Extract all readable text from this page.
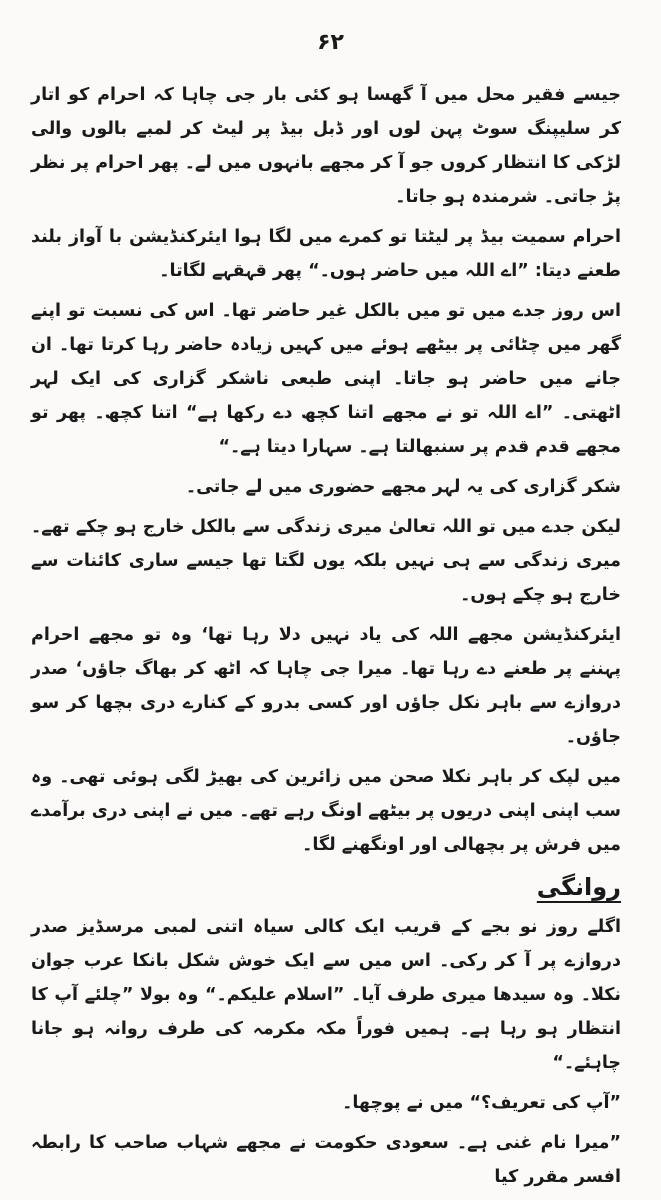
۶۲

جیسے فقیر محل میں آ گھسا ہو کئی بار جی چاہا کہ احرام کو اتار کر سلیپنگ سوٹ پہن لوں اور ڈبل بیڈ پر لیٹ کر لمبے بالوں والی لڑکی کا انتظار کروں جو آ کر مجھے بانہوں میں لے۔ پھر احرام پر نظر پڑ جاتی۔ شرمندہ ہو جاتا۔

احرام سمیت بیڈ پر لیٹتا تو کمرے میں لگا ہوا ایئرکنڈیشن با آواز بلند طعنے دیتا: ”اے اللہ میں حاضر ہوں۔“ پھر قہقہے لگاتا۔

اس روز جدے میں تو میں بالکل غیر حاضر تھا۔ اس کی نسبت تو اپنے گھر میں چٹائی پر بیٹھے ہوئے میں کہیں زیادہ حاضر رہا کرتا تھا۔ ان جانے میں حاضر ہو جاتا۔ اپنی طبعی ناشکر گزاری کی ایک لہر اٹھتی۔ ”اے اللہ تو نے مجھے اتنا کچھ دے رکھا ہے“ اتنا کچھ۔ پھر تو مجھے قدم قدم پر سنبھالتا ہے۔ سہارا دیتا ہے۔“

شکر گزاری کی یہ لہر مجھے حضوری میں لے جاتی۔

لیکن جدے میں تو اللہ تعالیٰ میری زندگی سے بالکل خارج ہو چکے تھے۔ میری زندگی سے ہی نہیں بلکہ یوں لگتا تھا جیسے ساری کائنات سے خارج ہو چکے ہوں۔

ایئرکنڈیشن مجھے اللہ کی یاد نہیں دلا رہا تھا‘ وہ تو مجھے احرام پہننے پر طعنے دے رہا تھا۔ میرا جی چاہا کہ اٹھ کر بھاگ جاؤں‘ صدر دروازے سے باہر نکل جاؤں اور کسی بدرو کے کنارے دری بچھا کر سو جاؤں۔

میں لپک کر باہر نکلا صحن میں زائرین کی بھیڑ لگی ہوئی تھی۔ وہ سب اپنی اپنی دریوں پر بیٹھے اونگ رہے تھے۔ میں نے اپنی دری برآمدے میں فرش پر بچھالی اور اونگھنے لگا۔

روانگی

اگلے روز نو بجے کے قریب ایک کالی سیاہ اتنی لمبی مرسڈیز صدر دروازے پر آ کر رکی۔ اس میں سے ایک خوش شکل بانکا عرب جوان نکلا۔ وہ سیدھا میری طرف آیا۔ ”اسلام علیکم۔“ وہ بولا ”چلئے آپ کا انتظار ہو رہا ہے۔ ہمیں فوراً مکہ مکرمہ کی طرف روانہ ہو جانا چاہئے۔“

”آپ کی تعریف؟“ میں نے پوچھا۔

”میرا نام غنی ہے۔ سعودی حکومت نے مجھے شہاب صاحب کا رابطہ افسر مقرر کیا
